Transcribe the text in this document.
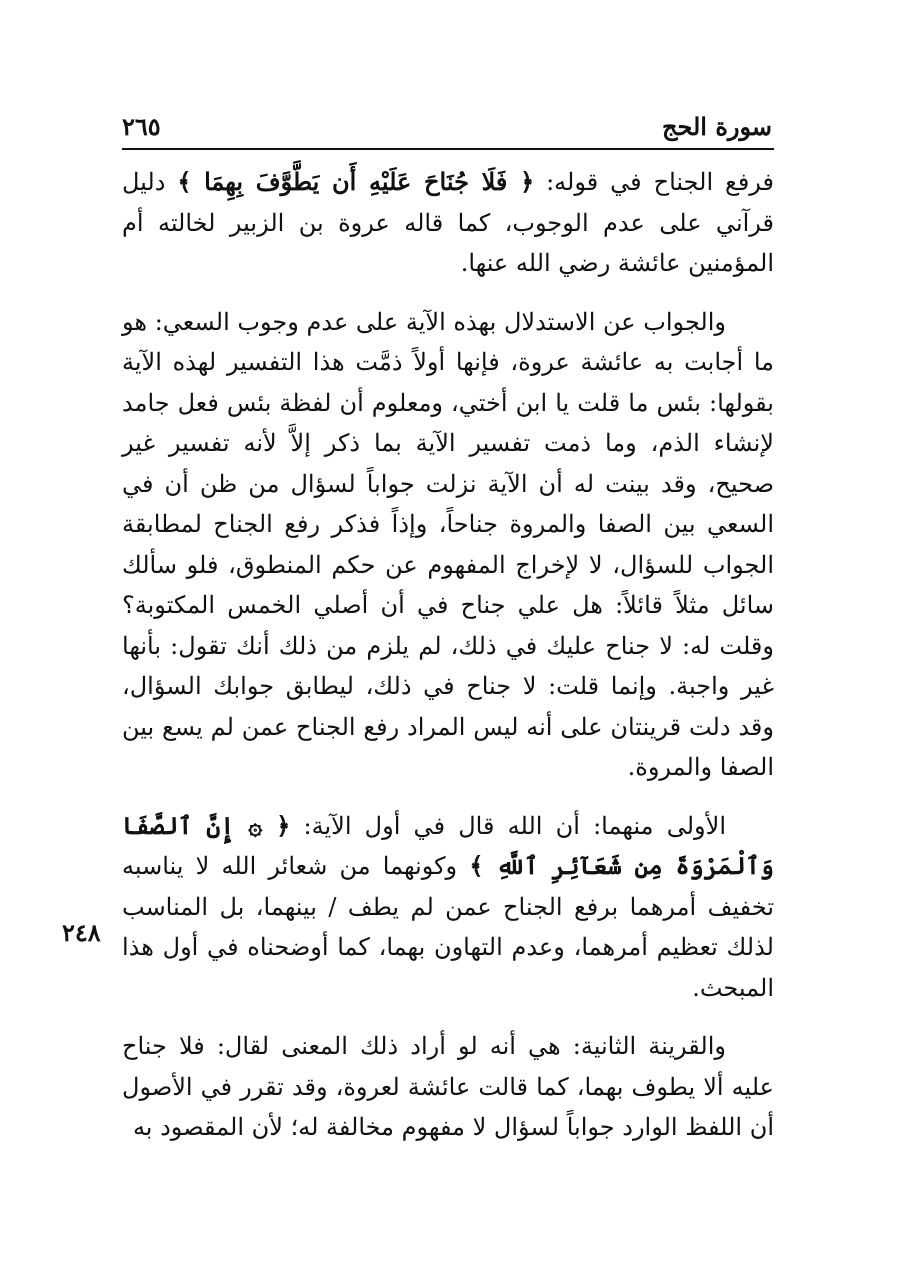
سورة الحج
٢٦٥
٢٤٨

فرفع الجناح في قوله: ﴿ فَلَا جُنَاحَ عَلَيْهِ أَن يَطَّوَّفَ بِهِمَا ﴾ دليل قرآني على عدم الوجوب، كما قاله عروة بن الزبير لخالته أم المؤمنين عائشة رضي الله عنها.

والجواب عن الاستدلال بهذه الآية على عدم وجوب السعي: هو ما أجابت به عائشة عروة، فإنها أولاً ذمَّت هذا التفسير لهذه الآية بقولها: بئس ما قلت يا ابن أختي، ومعلوم أن لفظة بئس فعل جامد لإنشاء الذم، وما ذمت تفسير الآية بما ذكر إلاَّ لأنه تفسير غير صحيح، وقد بينت له أن الآية نزلت جواباً لسؤال من ظن أن في السعي بين الصفا والمروة جناحاً، وإذاً فذكر رفع الجناح لمطابقة الجواب للسؤال، لا لإخراج المفهوم عن حكم المنطوق، فلو سألك سائل مثلاً قائلاً: هل علي جناح في أن أصلي الخمس المكتوبة؟ وقلت له: لا جناح عليك في ذلك، لم يلزم من ذلك أنك تقول: بأنها غير واجبة. وإنما قلت: لا جناح في ذلك، ليطابق جوابك السؤال، وقد دلت قرينتان على أنه ليس المراد رفع الجناح عمن لم يسع بين الصفا والمروة.

الأولى منهما: أن الله قال في أول الآية: ﴿ ۞ إِنَّ ٱلصَّفَا وَٱلْمَرْوَةَ مِن شَعَآئِرِ ٱللَّهِ ﴾ وكونهما من شعائر الله لا يناسبه تخفيف أمرهما برفع الجناح عمن لم يطف / بينهما، بل المناسب لذلك تعظيم أمرهما، وعدم التهاون بهما، كما أوضحناه في أول هذا المبحث.

والقرينة الثانية: هي أنه لو أراد ذلك المعنى لقال: فلا جناح عليه ألا يطوف بهما، كما قالت عائشة لعروة، وقد تقرر في الأصول أن اللفظ الوارد جواباً لسؤال لا مفهوم مخالفة له؛ لأن المقصود به
